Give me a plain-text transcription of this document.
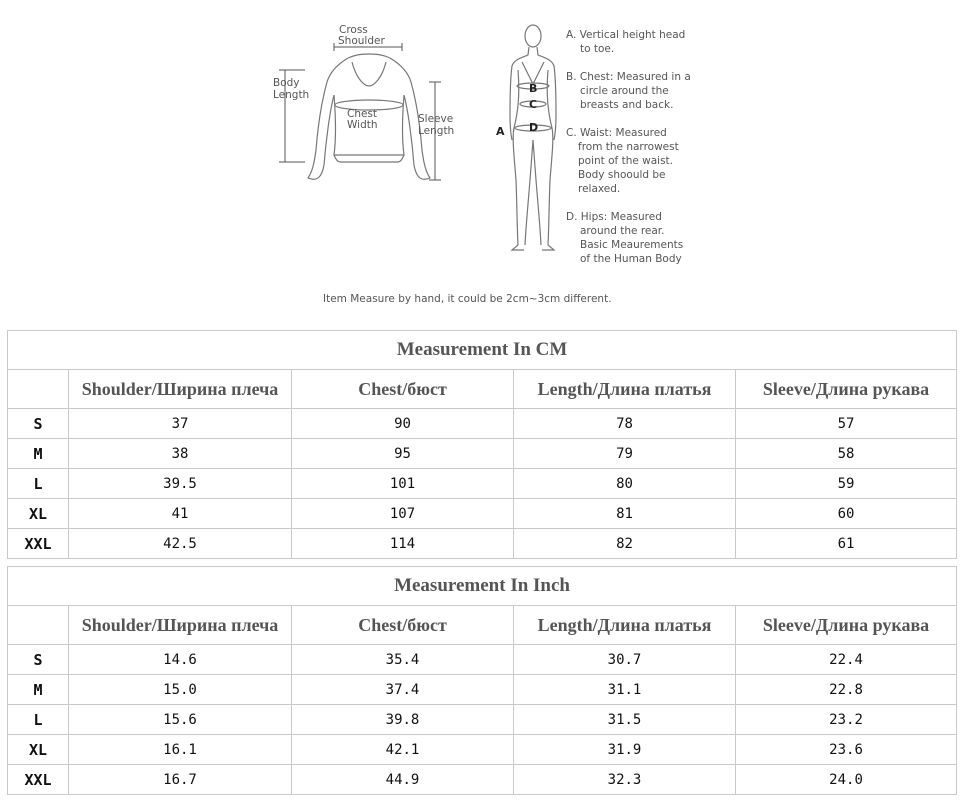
Cross Shoulder
Body Length
Chest Width	Sleeve Length
B
C
D
A
A. Vertical height head to toe.
B. Chest: Measured in a circle around the breasts and back.
C. Waist: Measured from the narrowest point of the waist. Body shoould be relaxed.
D. Hips: Measured around the rear. Basic Meaurements of the Human Body
Item Measure by hand, it could be 2cm~3cm different.
Measurement In CM				
	Shoulder/Ширина плеча	Chest/бюст	Length/Длина платья	Sleeve/Длина рукава
S	37	90	78	57
M	38	95	79	58
L	39.5	101	80	59
XL	41	107	81	60
XXL	42.5	114	82	61
Measurement In Inch				
	Shoulder/Ширина плеча	Chest/бюст	Length/Длина платья	Sleeve/Длина рукава
S	14.6	35.4	30.7	22.4
M	15.0	37.4	31.1	22.8
L	15.6	39.8	31.5	23.2
XL	16.1	42.1	31.9	23.6
XXL	16.7	44.9	32.3	24.0
